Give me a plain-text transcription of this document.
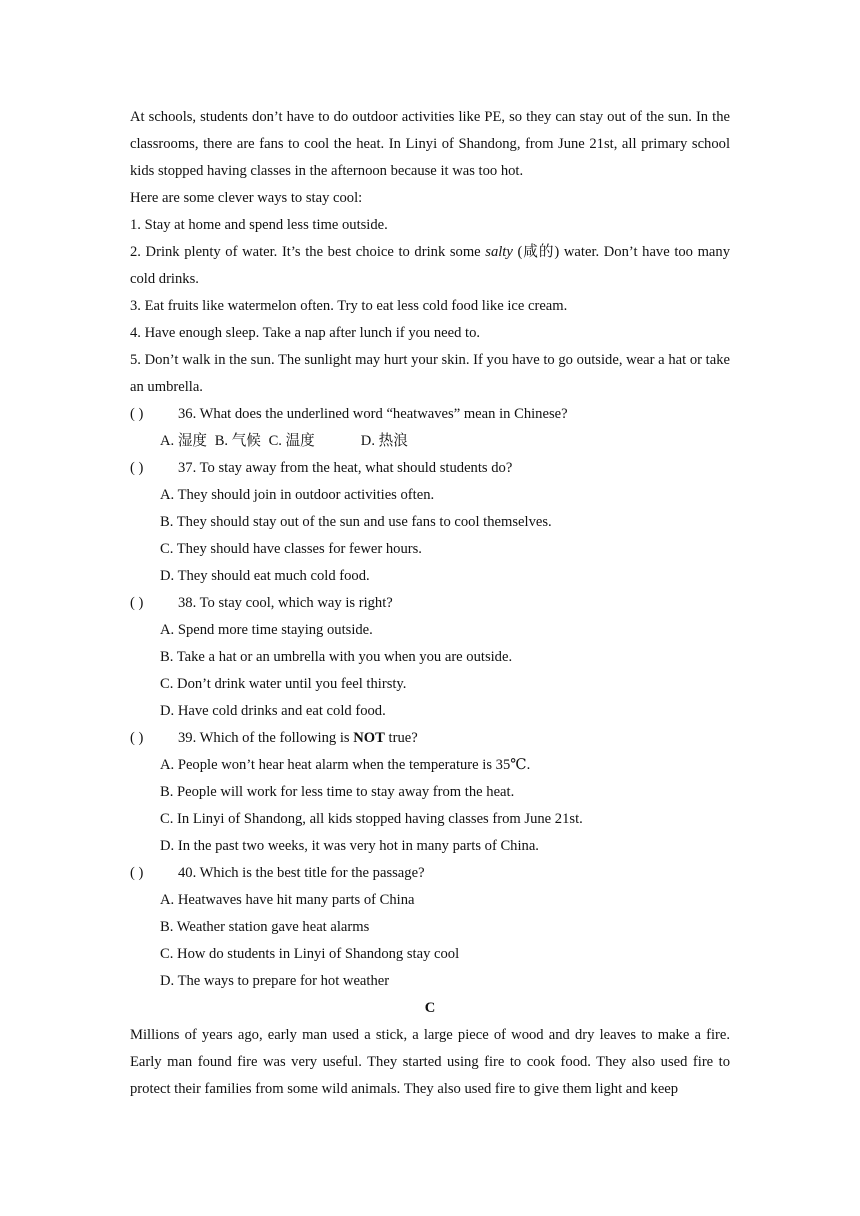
At schools, students don’t have to do outdoor activities like PE, so they can stay out of the sun. In the classrooms, there are fans to cool the heat. In Linyi of Shandong, from June 21st, all primary school kids stopped having classes in the afternoon because it was too hot.

Here are some clever ways to stay cool:

1. Stay at home and spend less time outside.

2. Drink plenty of water. It’s the best choice to drink some salty (咸的) water. Don’t have too many cold drinks.

3. Eat fruits like watermelon often. Try to eat less cold food like ice cream.

4. Have enough sleep. Take a nap after lunch if you need to.

5. Don’t walk in the sun. The sunlight may hurt your skin. If you have to go outside, wear a hat or take an umbrella.

( ) 36. What does the underlined word “heatwaves” mean in Chinese?

A. 湿度 B. 气候 C. 温度	D. 热浪

( ) 37. To stay away from the heat, what should students do?

A. They should join in outdoor activities often.

B. They should stay out of the sun and use fans to cool themselves.

C. They should have classes for fewer hours.

D. They should eat much cold food.

( ) 38. To stay cool, which way is right?

A. Spend more time staying outside.

B. Take a hat or an umbrella with you when you are outside.

C. Don’t drink water until you feel thirsty.

D. Have cold drinks and eat cold food.

( ) 39. Which of the following is NOT true?

A. People won’t hear heat alarm when the temperature is 35℃.

B. People will work for less time to stay away from the heat.

C. In Linyi of Shandong, all kids stopped having classes from June 21st.

D. In the past two weeks, it was very hot in many parts of China.

( ) 40. Which is the best title for the passage?

A. Heatwaves have hit many parts of China

B. Weather station gave heat alarms

C. How do students in Linyi of Shandong stay cool

D. The ways to prepare for hot weather

C

Millions of years ago, early man used a stick, a large piece of wood and dry leaves to make a fire. Early man found fire was very useful. They started using fire to cook food. They also used fire to protect their families from some wild animals. They also used fire to give them light and keep
